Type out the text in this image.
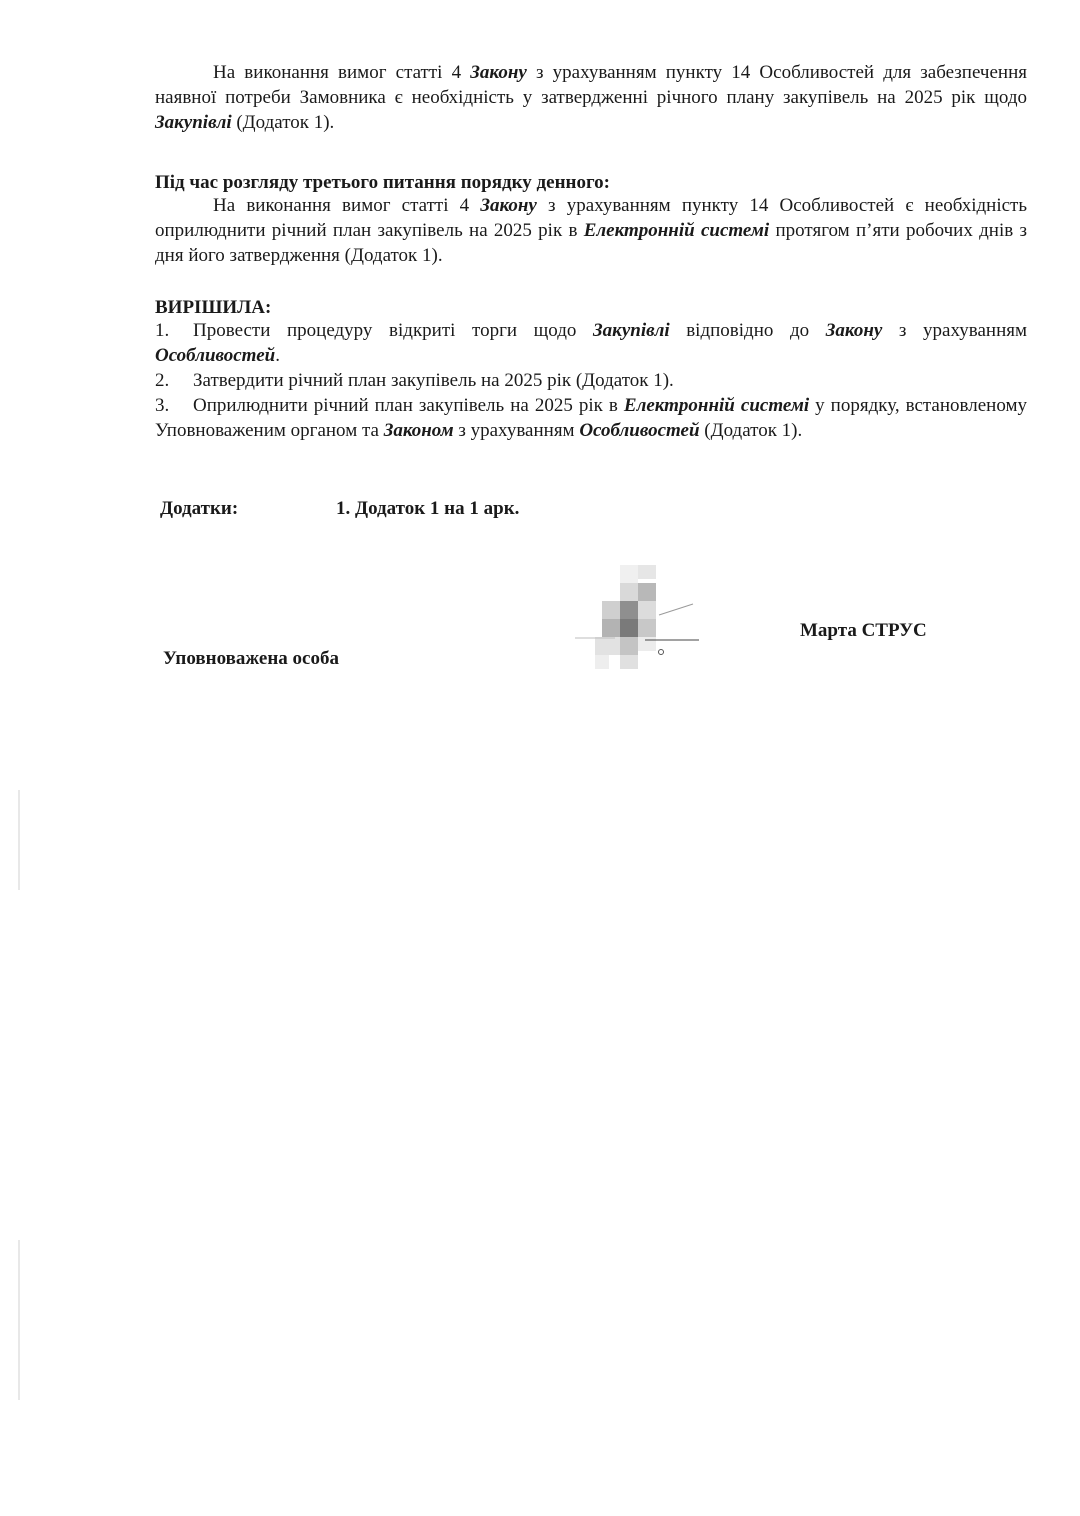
На виконання вимог статті 4 Закону з урахуванням пункту 14 Особливостей для забезпечення наявної потреби Замовника є необхідність у затвердженні річного плану закупівель на 2025 рік щодо Закупівлі (Додаток 1).

Під час розгляду третього питання порядку денного:

На виконання вимог статті 4 Закону з урахуванням пункту 14 Особливостей є необхідність оприлюднити річний план закупівель на 2025 рік в Електронній системі протягом п’яти робочих днів з дня його затвердження (Додаток 1).

ВИРІШИЛА:

1. Провести процедуру відкриті торги щодо Закупівлі відповідно до Закону з урахуванням Особливостей.

2. Затвердити річний план закупівель на 2025 рік (Додаток 1).

3. Оприлюднити річний план закупівель на 2025 рік в Електронній системі у порядку, встановленому Уповноваженим органом та Законом з урахуванням Особливостей (Додаток 1).

Додатки:	1. Додаток 1 на 1 арк.
Марта СТРУС
Уповноважена особа
